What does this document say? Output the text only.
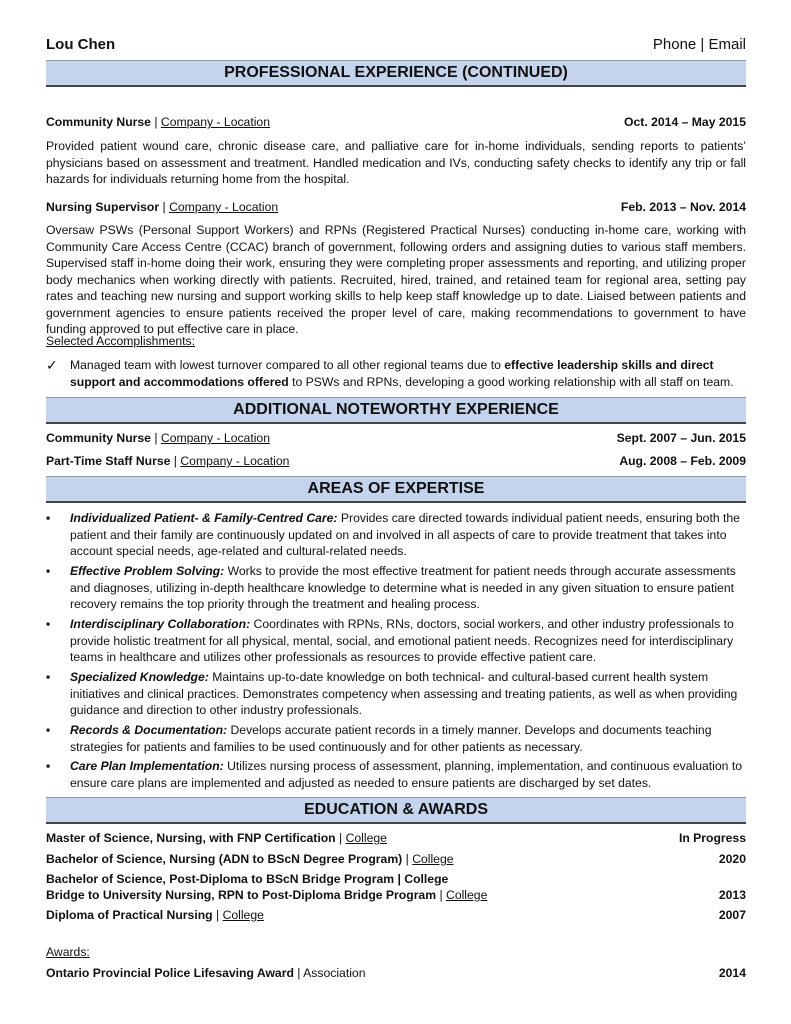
Lou Chen	Phone | Email
PROFESSIONAL EXPERIENCE (CONTINUED)
Community Nurse | Company - Location	Oct. 2014 – May 2015
Provided patient wound care, chronic disease care, and palliative care for in-home individuals, sending reports to patients’ physicians based on assessment and treatment. Handled medication and IVs, conducting safety checks to identify any trip or fall hazards for individuals returning home from the hospital.
Nursing Supervisor | Company - Location	Feb. 2013 – Nov. 2014
Oversaw PSWs (Personal Support Workers) and RPNs (Registered Practical Nurses) conducting in-home care, working with Community Care Access Centre (CCAC) branch of government, following orders and assigning duties to various staff members. Supervised staff in-home doing their work, ensuring they were completing proper assessments and reporting, and utilizing proper body mechanics when working directly with patients. Recruited, hired, trained, and retained team for regional area, setting pay rates and teaching new nursing and support working skills to help keep staff knowledge up to date. Liaised between patients and government agencies to ensure patients received the proper level of care, making recommendations to government to have funding approved to put effective care in place.
Selected Accomplishments:
✓ Managed team with lowest turnover compared to all other regional teams due to effective leadership skills and direct support and accommodations offered to PSWs and RPNs, developing a good working relationship with all staff on team.
ADDITIONAL NOTEWORTHY EXPERIENCE
Community Nurse | Company - Location	Sept. 2007 – Jun. 2015
Part-Time Staff Nurse | Company - Location	Aug. 2008 – Feb. 2009
AREAS OF EXPERTISE
▪	Individualized Patient- & Family-Centred Care: Provides care directed towards individual patient needs, ensuring both the patient and their family are continuously updated on and involved in all aspects of care to provide treatment that takes into account special needs, age-related and cultural-related needs.
▪	Effective Problem Solving: Works to provide the most effective treatment for patient needs through accurate assessments and diagnoses, utilizing in-depth healthcare knowledge to determine what is needed in any given situation to ensure patient recovery remains the top priority through the treatment and healing process.
▪	Interdisciplinary Collaboration: Coordinates with RPNs, RNs, doctors, social workers, and other industry professionals to provide holistic treatment for all physical, mental, social, and emotional patient needs. Recognizes need for interdisciplinary teams in healthcare and utilizes other professionals as resources to provide effective patient care.
▪	Specialized Knowledge: Maintains up-to-date knowledge on both technical- and cultural-based current health system initiatives and clinical practices. Demonstrates competency when assessing and treating patients, as well as when providing guidance and direction to other industry professionals.
▪	Records & Documentation: Develops accurate patient records in a timely manner. Develops and documents teaching strategies for patients and families to be used continuously and for other patients as necessary.
▪	Care Plan Implementation: Utilizes nursing process of assessment, planning, implementation, and continuous evaluation to ensure care plans are implemented and adjusted as needed to ensure patients are discharged by set dates.
EDUCATION & AWARDS
Master of Science, Nursing, with FNP Certification | College	In Progress
Bachelor of Science, Nursing (ADN to BScN Degree Program) | College	2020
Bachelor of Science, Post-Diploma to BScN Bridge Program | College
Bridge to University Nursing, RPN to Post-Diploma Bridge Program | College	2013
Diploma of Practical Nursing | College	2007
Awards:
Ontario Provincial Police Lifesaving Award | Association	2014
